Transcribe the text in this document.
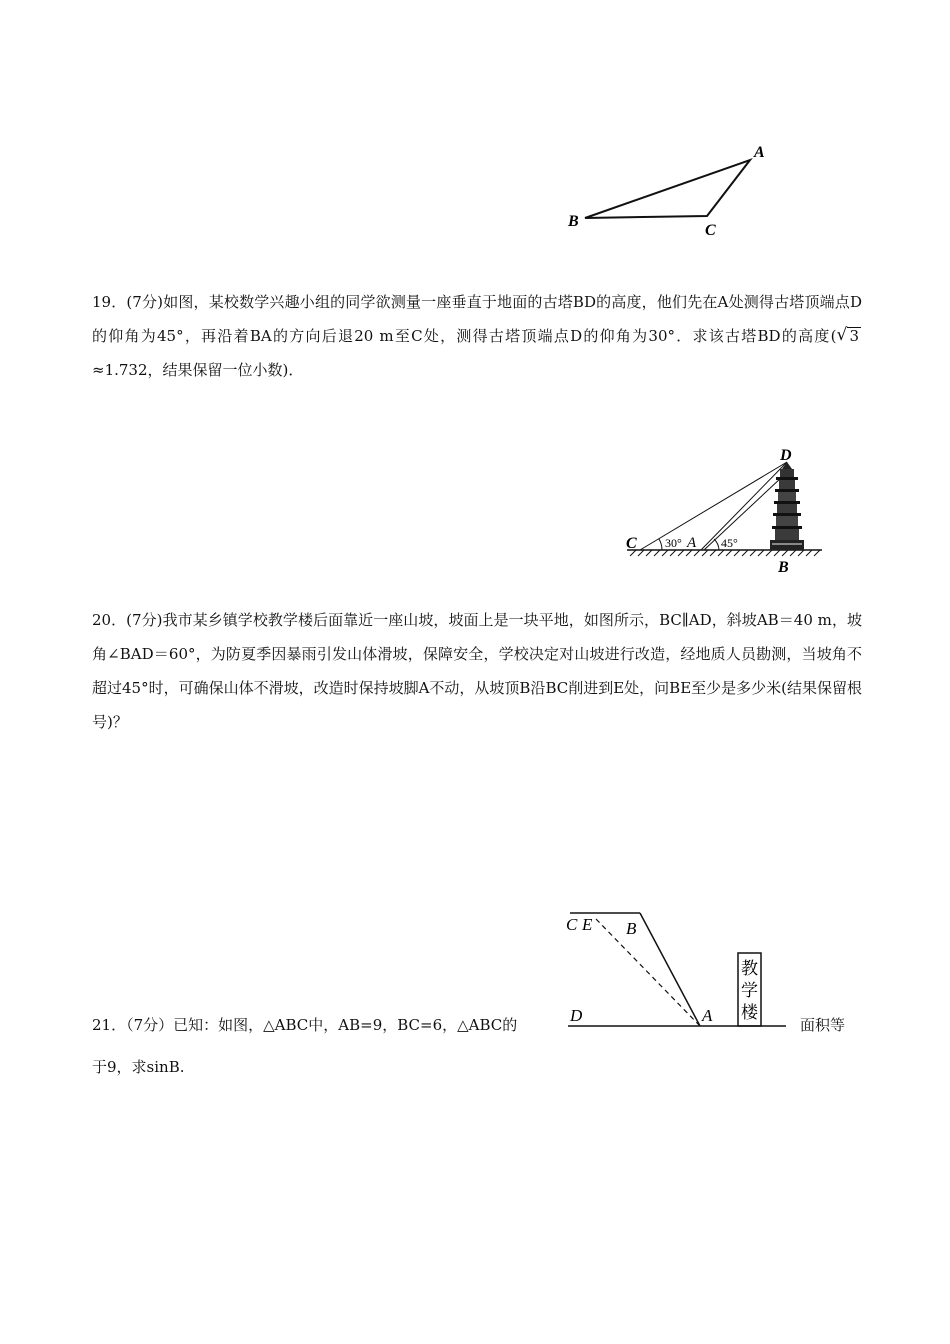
A
B
C

19．(7分)如图，某校数学兴趣小组的同学欲测量一座垂直于地面的古塔BD的高度，他们先在A处测得古塔顶端点D的仰角为45°，再沿着BA的方向后退20 m至C处，测得古塔顶端点D的仰角为30°．求该古塔BD的高度( √ 3≈1.732，结果保留一位小数)．

D
C 30° A 45°
B

20．(7分)我市某乡镇学校教学楼后面靠近一座山坡，坡面上是一块平地，如图所示，BC∥AD，斜坡AB＝40 m，坡角∠BAD＝60°，为防夏季因暴雨引发山体滑坡，保障安全，学校决定对山坡进行改造，经地质人员勘测，当坡角不超过45°时，可确保山体不滑坡，改造时保持坡脚A不动，从坡顶B沿BC削进到E处，问BE至少是多少米(结果保留根号)？

教
学
楼
C E B
D	A
21．（7分）已知：如图，△ABC中，AB=9，BC=6，△ABC的	面积等
于9，求sinB.
